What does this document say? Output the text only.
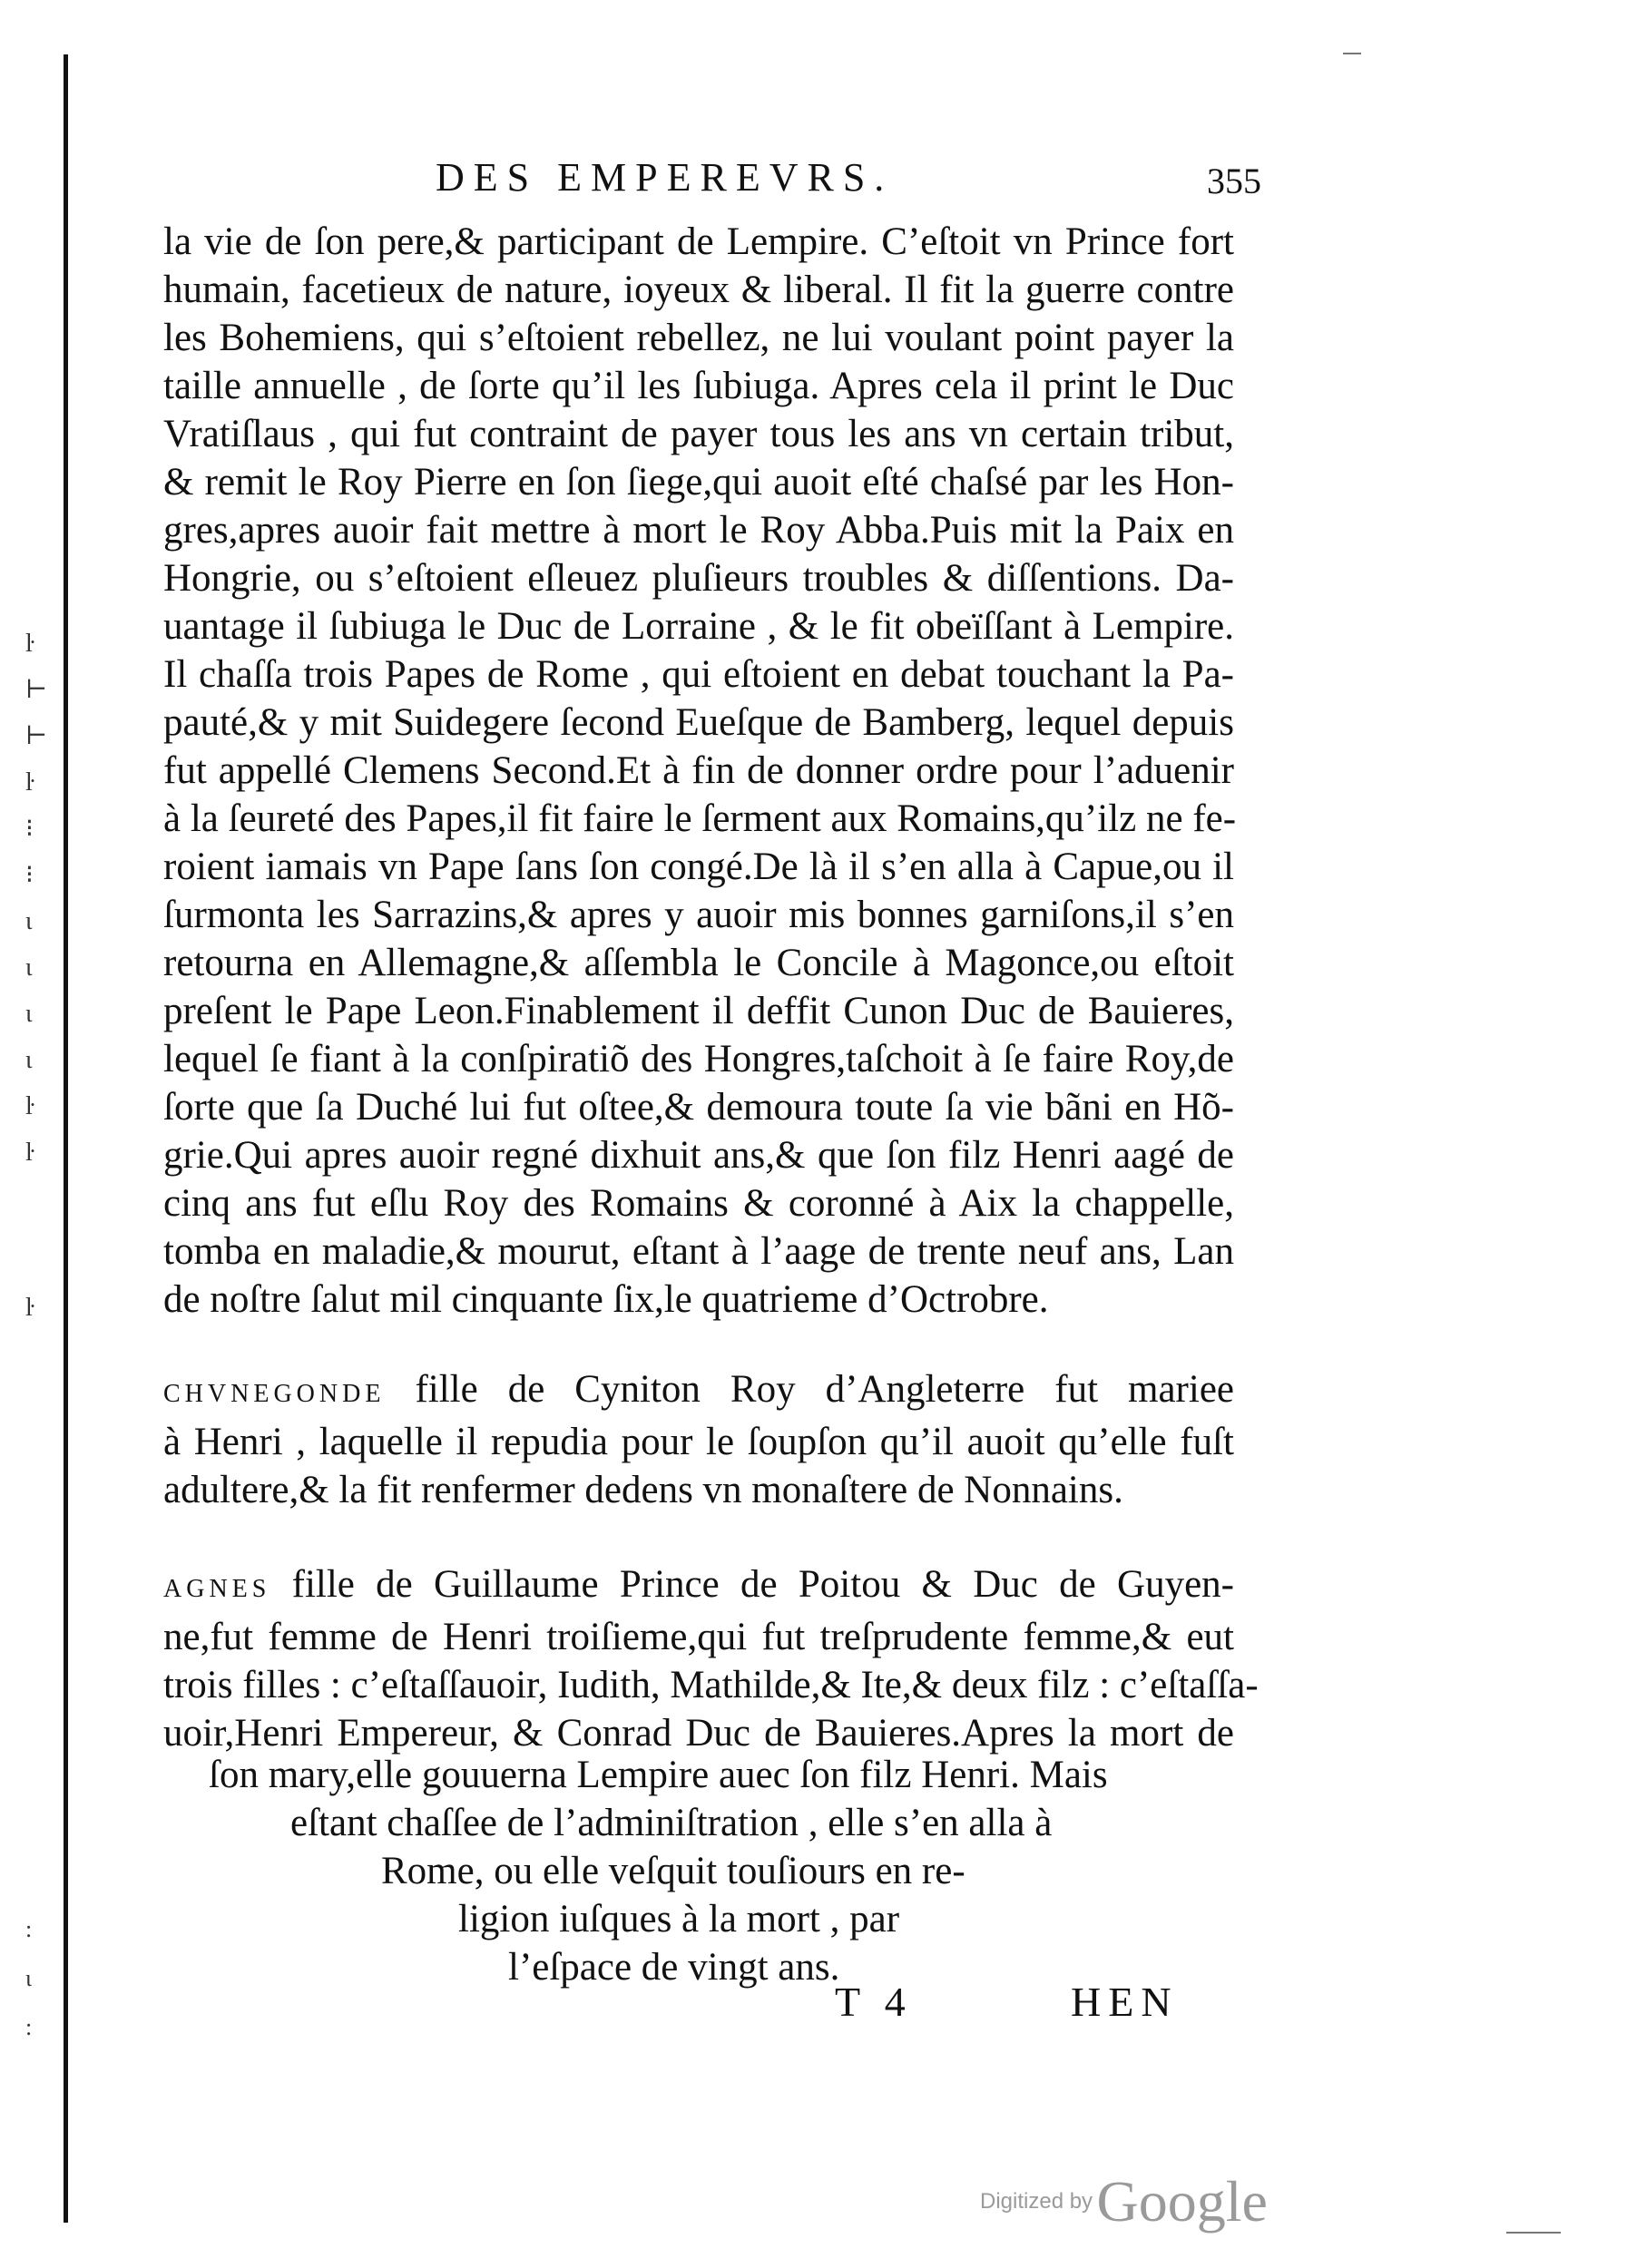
ŀ
⊢
⊢
ŀ
⁝
⁝
ɩ
ɩ
ɩ
ɩ
ŀ
ŀ
ŀ
:
ɩ
:
DES EMPEREVRS.	355
la vie de ſon pere,& participant de Lempire. C’eſtoit vn Prince fort
humain, facetieux de nature, ioyeux & liberal. Il fit la guerre contre
les Bohemiens, qui s’eſtoient rebellez, ne lui voulant point payer la
taille annuelle , de ſorte qu’il les ſubiuga. Apres cela il print le Duc
Vratiſlaus , qui fut contraint de payer tous les ans vn certain tribut,
& remit le Roy Pierre en ſon ſiege,qui auoit eſté chaſsé par les Hon-
gres,apres auoir fait mettre à mort le Roy Abba.Puis mit la Paix en
Hongrie, ou s’eſtoient eſleuez pluſieurs troubles & diſſentions. Da-
uantage il ſubiuga le Duc de Lorraine , & le fit obeïſſant à Lempire.
Il chaſſa trois Papes de Rome , qui eſtoient en debat touchant la Pa-
pauté,& y mit Suidegere ſecond Eueſque de Bamberg, lequel depuis
fut appellé Clemens Second.Et à fin de donner ordre pour l’aduenir
à la ſeureté des Papes,il fit faire le ſerment aux Romains,qu’ilz ne fe-
roient iamais vn Pape ſans ſon congé.De là il s’en alla à Capue,ou il
ſurmonta les Sarrazins,& apres y auoir mis bonnes garniſons,il s’en
retourna en Allemagne,& aſſembla le Concile à Magonce,ou eſtoit
preſent le Pape Leon.Finablement il deffit Cunon Duc de Bauieres,
lequel ſe fiant à la conſpiratiõ des Hongres,taſchoit à ſe faire Roy,de
ſorte que ſa Duché lui fut oſtee,& demoura toute ſa vie bãni en Hõ-
grie.Qui apres auoir regné dixhuit ans,& que ſon filz Henri aagé de
cinq ans fut eſlu Roy des Romains & coronné à Aix la chappelle,
tomba en maladie,& mourut, eſtant à l’aage de trente neuf ans, Lan
de noſtre ſalut mil cinquante ſix,le quatrieme d’Octrobre.
CHVNEGONDE fille de Cyniton Roy d’Angleterre fut mariee
à Henri , laquelle il repudia pour le ſoupſon qu’il auoit qu’elle fuſt
adultere,& la fit renfermer dedens vn monaſtere de Nonnains.
AGNES fille de Guillaume Prince de Poitou & Duc de Guyen-
ne,fut femme de Henri troiſieme,qui fut treſprudente femme,& eut
trois filles : c’eſtaſſauoir, Iudith, Mathilde,& Ite,& deux filz : c’eſtaſſa-
uoir,Henri Empereur, & Conrad Duc de Bauieres.Apres la mort de
ſon mary,elle gouuerna Lempire auec ſon filz Henri. Mais
eſtant chaſſee de l’adminiſtration , elle s’en alla à
Rome, ou elle veſquit touſiours en re-
ligion iuſques à la mort , par
l’eſpace de vingt ans.
T 4	HEN
Digitized by Google
